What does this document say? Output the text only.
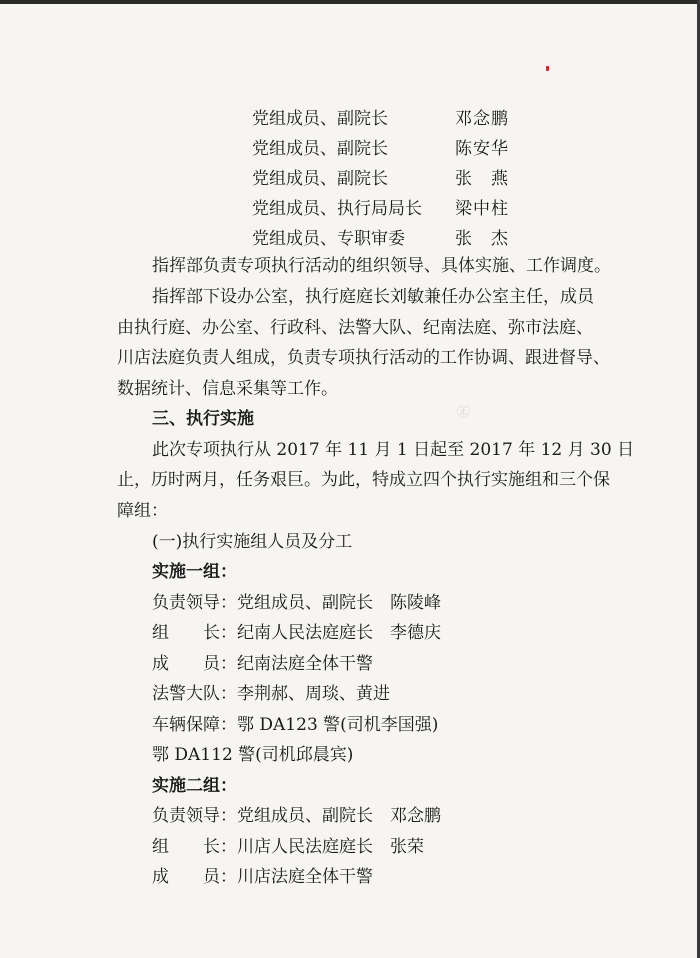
党组成员、副院长	邓念鹏
党组成员、副院长	陈安华
党组成员、副院长	张　燕
党组成员、执行局局长 梁中柱
党组成员、专职审委	张　杰
指挥部负责专项执行活动的组织领导、具体实施、工作调度。
指挥部下设办公室，执行庭庭长刘敏兼任办公室主任，成员
由执行庭、办公室、行政科、法警大队、纪南法庭、弥市法庭、
川店法庭负责人组成，负责专项执行活动的工作协调、跟进督导、
数据统计、信息采集等工作。
㊣
三、执行实施
此次专项执行从 2017 年 11 月 1 日起至 2017 年 12 月 30 日
止，历时两月，任务艰巨。为此，特成立四个执行实施组和三个保
障组：
(一)执行实施组人员及分工
实施一组：
负责领导：党组成员、副院长　陈陵峰
组　　长：纪南人民法庭庭长　李德庆
成　　员：纪南法庭全体干警
法警大队：李荆郝、周琰、黄进
车辆保障：鄂 DA123 警(司机李国强)
鄂 DA112 警(司机邱晨宾)
实施二组：
负责领导：党组成员、副院长　邓念鹏
组　　长：川店人民法庭庭长　张荣
成　　员：川店法庭全体干警
